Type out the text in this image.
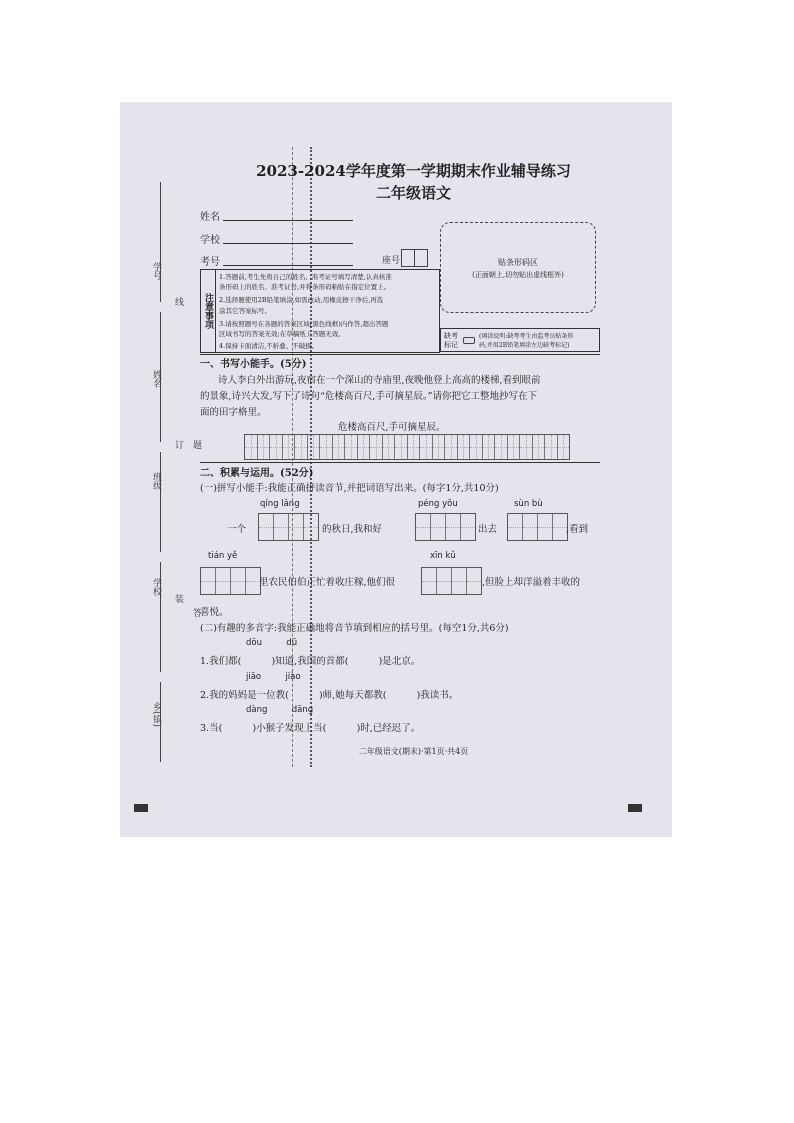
学号
姓名
班级
学校
乡(镇)
线
订 题
装
答
2023-2024学年度第一学期期末作业辅导练习
二年级语文
姓名
学校
考号	座号
注意事项
1.答题前,考生先将自己的姓名、准考证号填写清楚,认真核准
条形码上的姓名、准考证号,并将条形码粘贴在指定位置上。
2.选择题使用2B铅笔填涂,如需改动,用橡皮擦干净后,再选
涂其它答案标号。
3.请按照题号在各题的答案区域(黑色线框)内作答,超出答题
区域书写的答案无效;在草稿纸上答题无效。
4.保持卡面清洁,不折叠、不破损。
贴条形码区
(正面朝上,切勿贴出虚线框外)
缺考
标记
(填涂说明:缺考考生由监考员贴条形
码,并用2B铅笔填涂左边缺考标记)
一、书写小能手。(5分)
诗人李白外出游玩,夜宿在一个深山的寺庙里,夜晚他登上高高的楼梯,看到眼前
的景象,诗兴大发,写下了诗句“危楼高百尺,手可摘星辰。”请你把它工整地抄写在下
面的田字格里。
危楼高百尺,手可摘星辰。
二、积累与运用。(52分)
(一)拼写小能手:我能正确拼读音节,并把词语写出来。(每字1分,共10分)
qíng lǎng	péng yǒu	sùn bù
一个	的秋日,我和好	出去	,看到
tián yě	xīn kǔ
里农民伯伯正忙着收庄稼,他们很	,但脸上却洋溢着丰收的
喜悦。
(二)有趣的多音字:我能正确地将音节填到相应的括号里。(每空1分,共6分)
dōu         dū
1.我们都(          )知道,我国的首都(          )是北京。
jiāo         jiào
2.我的妈妈是一位教(          )师,她每天都教(          )我读书。
dàng         dāng
3.当(          )小猴子发现上当(          )时,已经迟了。
二年级语文(期末)·第1页·共4页
